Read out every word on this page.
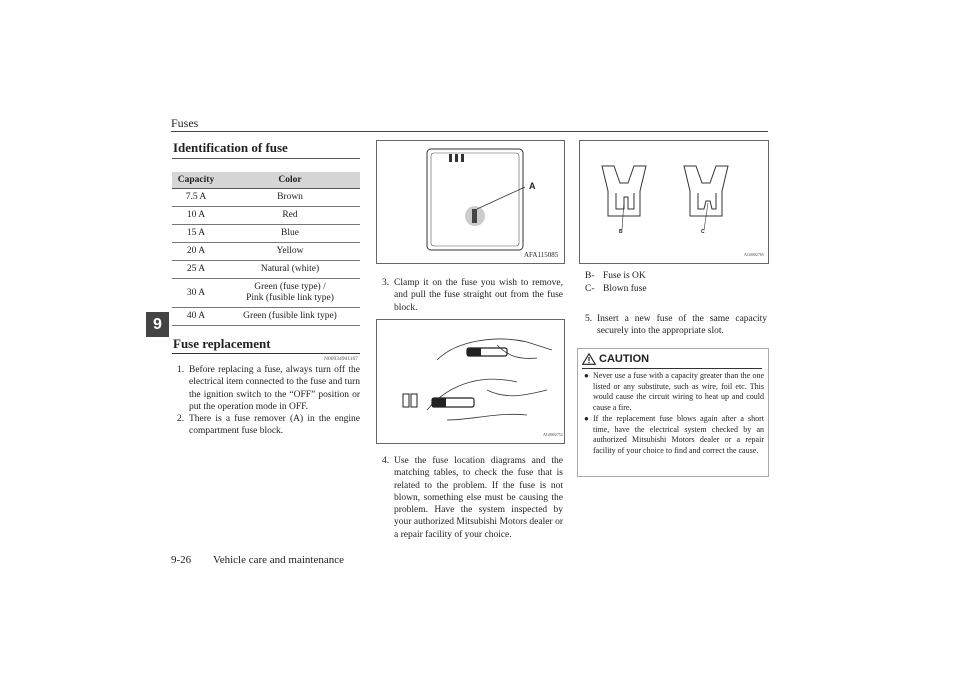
Fuses
9
Identification of fuse
Capacity	Color
7.5 A	Brown
10 A	Red
15 A	Blue
20 A	Yellow
25 A	Natural (white)
30 A	Green (fuse type) /
Pink (fusible link type)

40 A	Green (fusible link type)
Fuse replacement
N00934901167
1. Before replacing a fuse, always turn off the electrical item connected to the fuse and turn the ignition switch to the “OFF” position or put the operation mode in OFF.
2. There is a fuse remover (A) in the engine compartment fuse block.
A
AFA115085
3. Clamp it on the fuse you wish to remove, and pull the fuse straight out from the fuse block.
AG0002752
4. Use the fuse location diagrams and the matching tables, to check the fuse that is related to the problem. If the fuse is not blown, something else must be causing the problem. Have the system inspected by your authorized Mitsubishi Motors dealer or a repair facility of your choice.
B	C
AG0002765
B- Fuse is OK
C- Blown fuse
5. Insert a new fuse of the same capacity securely into the appropriate slot.
CAUTION
● Never use a fuse with a capacity greater than the one listed or any substitute, such as wire, foil etc. This would cause the circuit wiring to heat up and could cause a fire.
● If the replacement fuse blows again after a short time, have the electrical system checked by an authorized Mitsubishi Motors dealer or a repair facility of your choice to find and correct the cause.
9-26 Vehicle care and maintenance
